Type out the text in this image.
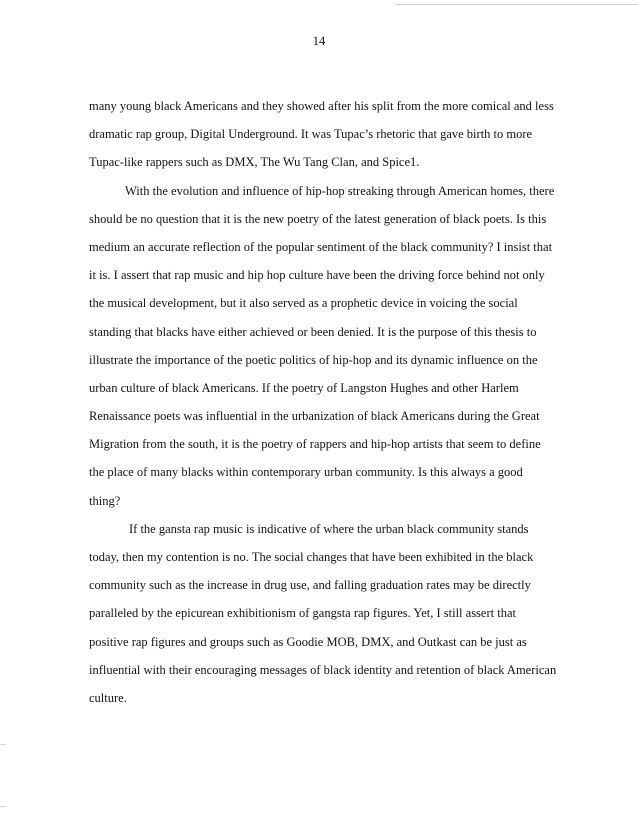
14
many young black Americans and they showed after his split from the more comical and less
dramatic rap group, Digital Underground. It was Tupac’s rhetoric that gave birth to more
Tupac-like rappers such as DMX, The Wu Tang Clan, and Spice1.
With the evolution and influence of hip-hop streaking through American homes, there
should be no question that it is the new poetry of the latest generation of black poets. Is this
medium an accurate reflection of the popular sentiment of the black community? I insist that
it is. I assert that rap music and hip hop culture have been the driving force behind not only
the musical development, but it also served as a prophetic device in voicing the social
standing that blacks have either achieved or been denied. It is the purpose of this thesis to
illustrate the importance of the poetic politics of hip-hop and its dynamic influence on the
urban culture of black Americans. If the poetry of Langston Hughes and other Harlem
Renaissance poets was influential in the urbanization of black Americans during the Great
Migration from the south, it is the poetry of rappers and hip-hop artists that seem to define
the place of many blacks within contemporary urban community. Is this always a good
thing?
If the gansta rap music is indicative of where the urban black community stands
today, then my contention is no. The social changes that have been exhibited in the black
community such as the increase in drug use, and falling graduation rates may be directly
paralleled by the epicurean exhibitionism of gangsta rap figures. Yet, I still assert that
positive rap figures and groups such as Goodie MOB, DMX, and Outkast can be just as
influential with their encouraging messages of black identity and retention of black American
culture.
